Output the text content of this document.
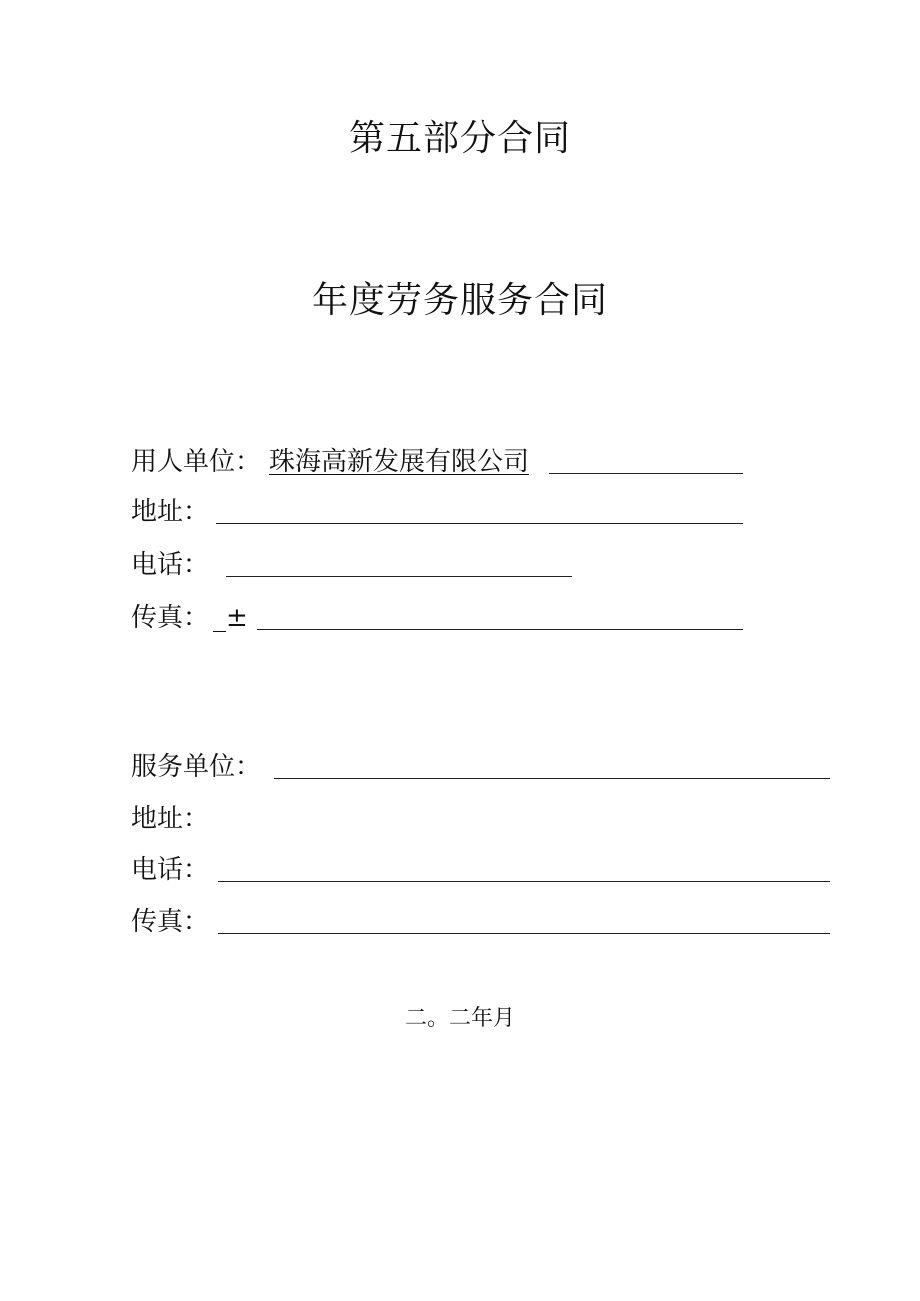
第五部分合同
年度劳务服务合同
用人单位： 珠海高新发展有限公司
地址：
电话：
传真： _±
服务单位：
地址：
电话：
传真：
二。二年月
